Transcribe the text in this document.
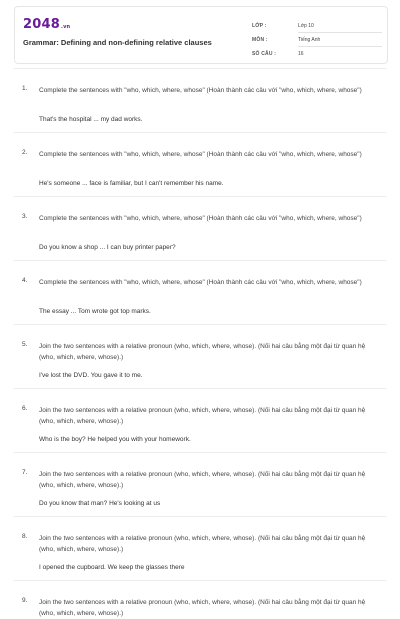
2048.vn
Grammar: Defining and non-defining relative clauses
LỚP :	Lớp 10
MÔN :	Tiếng Anh
SỐ CÂU :	16
1. Complete the sentences with "who, which, where, whose" (Hoàn thành các câu với "who, which, where, whose")
That's the hospital ... my dad works.
2. Complete the sentences with "who, which, where, whose" (Hoàn thành các câu với "who, which, where, whose")
He's someone ... face is familiar, but I can't remember his name.
3. Complete the sentences with "who, which, where, whose" (Hoàn thành các câu với "who, which, where, whose")
Do you know a shop ... I can buy printer paper?
4. Complete the sentences with "who, which, where, whose" (Hoàn thành các câu với "who, which, where, whose")
The essay ... Tom wrote got top marks.
5. Join the two sentences with a relative pronoun (who, which, where, whose). (Nối hai câu bằng một đại từ quan hệ (who, which, where, whose).)
I've lost the DVD. You gave it to me.
6. Join the two sentences with a relative pronoun (who, which, where, whose). (Nối hai câu bằng một đại từ quan hệ (who, which, where, whose).)
Who is the boy? He helped you with your homework.
7. Join the two sentences with a relative pronoun (who, which, where, whose). (Nối hai câu bằng một đại từ quan hệ (who, which, where, whose).)
Do you know that man? He's looking at us
8. Join the two sentences with a relative pronoun (who, which, where, whose). (Nối hai câu bằng một đại từ quan hệ (who, which, where, whose).)
I opened the cupboard. We keep the glasses there
9. Join the two sentences with a relative pronoun (who, which, where, whose). (Nối hai câu bằng một đại từ quan hệ (who, which, where, whose).)
